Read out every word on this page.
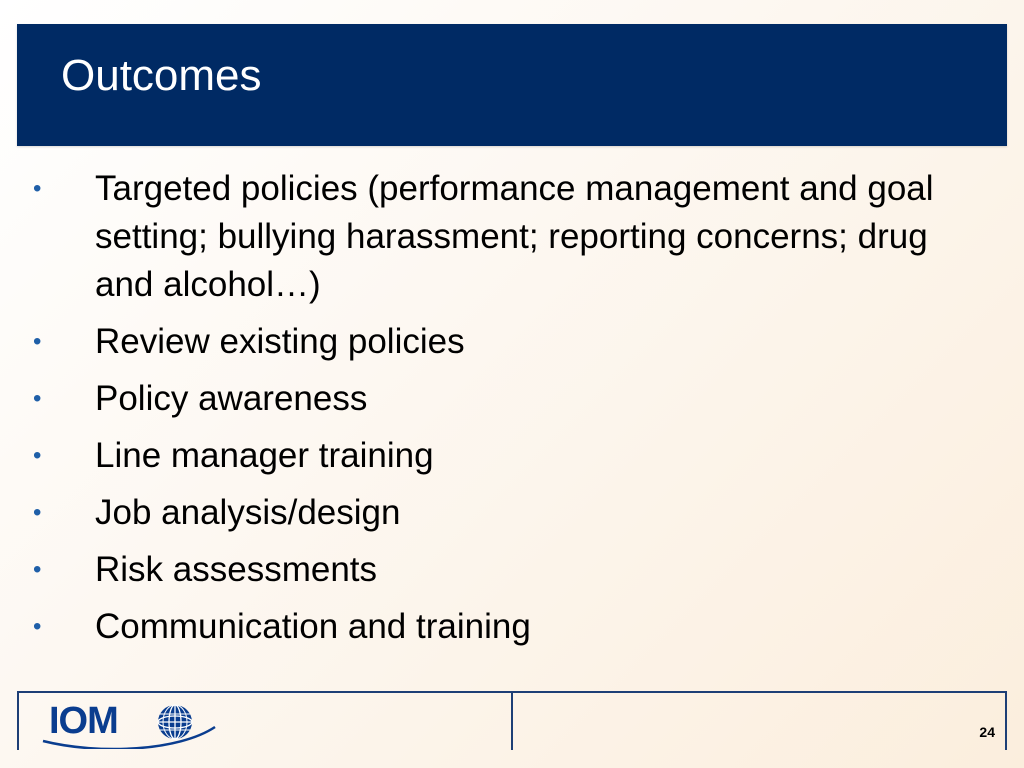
Outcomes
• Targeted policies (performance management and goal setting; bullying harassment; reporting concerns; drug and alcohol…)
• Review existing policies
• Policy awareness
• Line manager training
• Job analysis/design
• Risk assessments
• Communication and training
IOM	24
